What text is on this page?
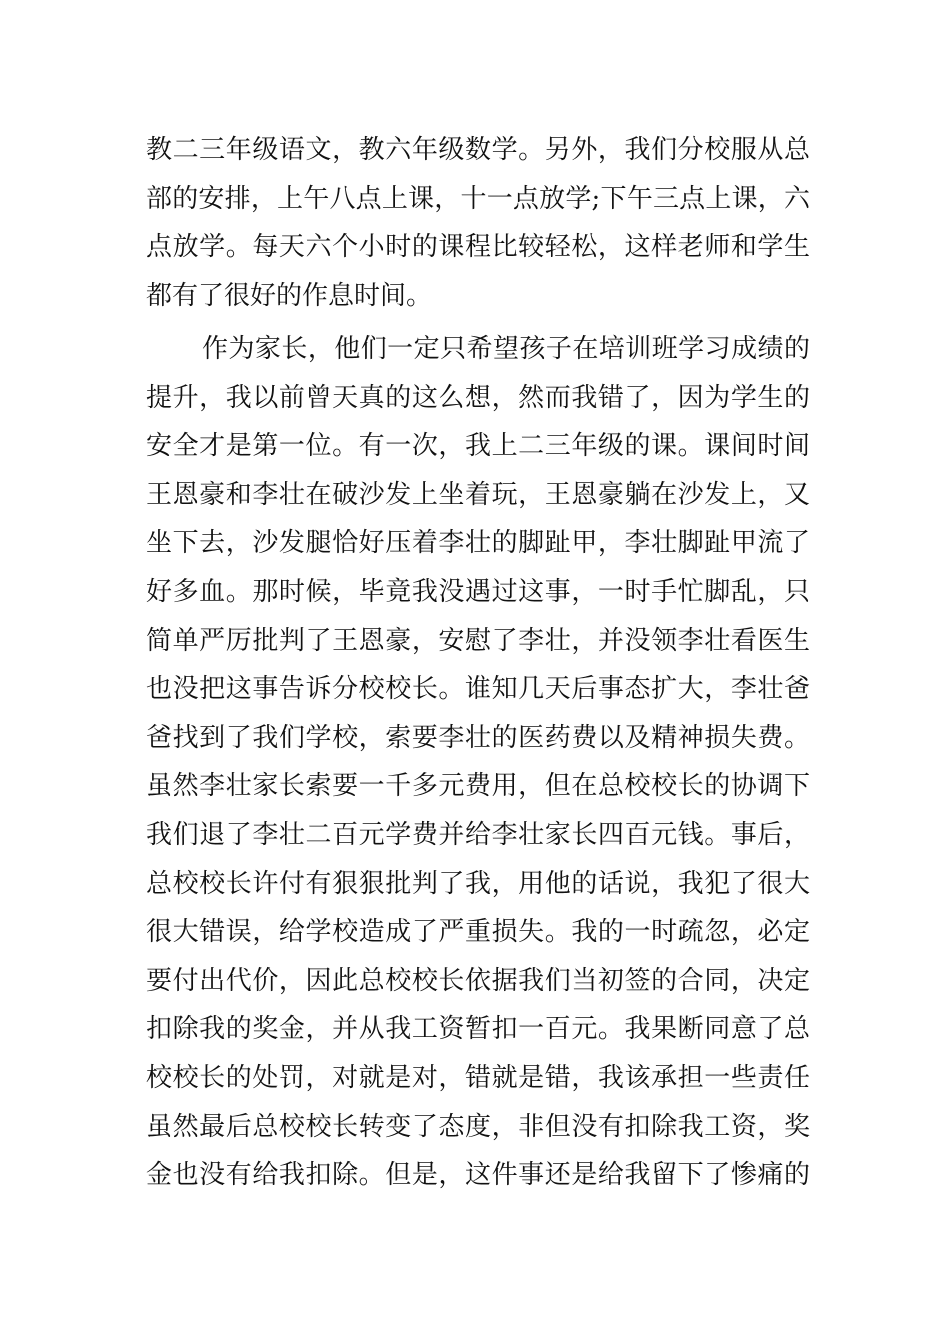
教二三年级语文，教六年级数学。另外，我们分校服从总
部的安排，上午八点上课，十一点放学;下午三点上课，六
点放学。每天六个小时的课程比较轻松，这样老师和学生
都有了很好的作息时间。
作为家长，他们一定只希望孩子在培训班学习成绩的
提升，我以前曾天真的这么想，然而我错了，因为学生的
安全才是第一位。有一次，我上二三年级的课。课间时间
王恩豪和李壮在破沙发上坐着玩，王恩豪躺在沙发上，又
坐下去，沙发腿恰好压着李壮的脚趾甲，李壮脚趾甲流了
好多血。那时候，毕竟我没遇过这事，一时手忙脚乱，只
简单严厉批判了王恩豪，安慰了李壮，并没领李壮看医生
也没把这事告诉分校校长。谁知几天后事态扩大，李壮爸
爸找到了我们学校，索要李壮的医药费以及精神损失费。
虽然李壮家长索要一千多元费用，但在总校校长的协调下
我们退了李壮二百元学费并给李壮家长四百元钱。事后，
总校校长许付有狠狠批判了我，用他的话说，我犯了很大
很大错误，给学校造成了严重损失。我的一时疏忽，必定
要付出代价，因此总校校长依据我们当初签的合同，决定
扣除我的奖金，并从我工资暂扣一百元。我果断同意了总
校校长的处罚，对就是对，错就是错，我该承担一些责任
虽然最后总校校长转变了态度，非但没有扣除我工资，奖
金也没有给我扣除。但是，这件事还是给我留下了惨痛的
